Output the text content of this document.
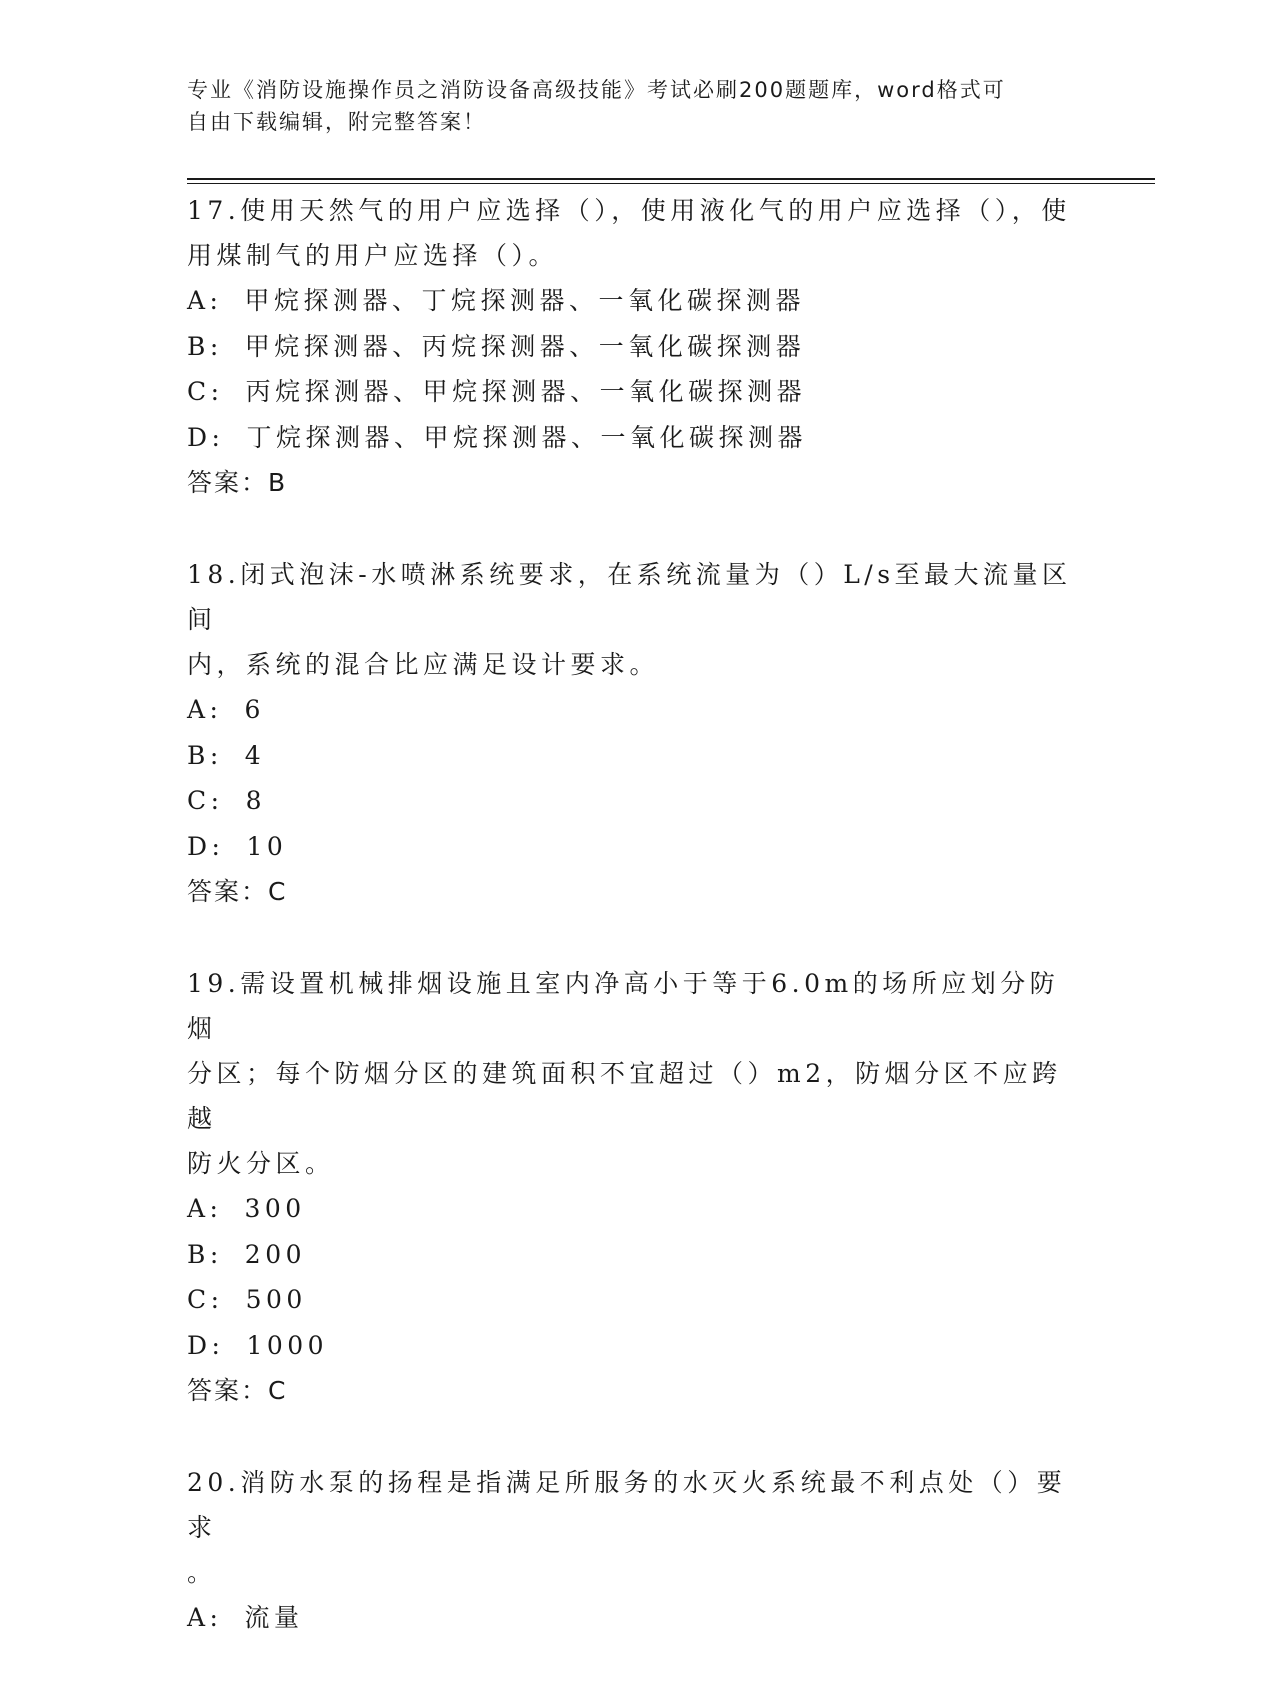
专业《消防设施操作员之消防设备高级技能》考试必刷200题题库，word格式可
自由下载编辑，附完整答案！
17.使用天然气的用户应选择（），使用液化气的用户应选择（），使
用煤制气的用户应选择（）。
A: 甲烷探测器、丁烷探测器、一氧化碳探测器
B: 甲烷探测器、丙烷探测器、一氧化碳探测器
C: 丙烷探测器、甲烷探测器、一氧化碳探测器
D: 丁烷探测器、甲烷探测器、一氧化碳探测器
答案：B
18.闭式泡沫-水喷淋系统要求，在系统流量为（）L/s至最大流量区间
内，系统的混合比应满足设计要求。
A: 6
B: 4
C: 8
D: 10
答案：C
19.需设置机械排烟设施且室内净高小于等于6.0m的场所应划分防烟
分区；每个防烟分区的建筑面积不宜超过（）m2，防烟分区不应跨越
防火分区。
A: 300
B: 200
C: 500
D: 1000
答案：C
20.消防水泵的扬程是指满足所服务的水灭火系统最不利点处（）要求
。
A: 流量
